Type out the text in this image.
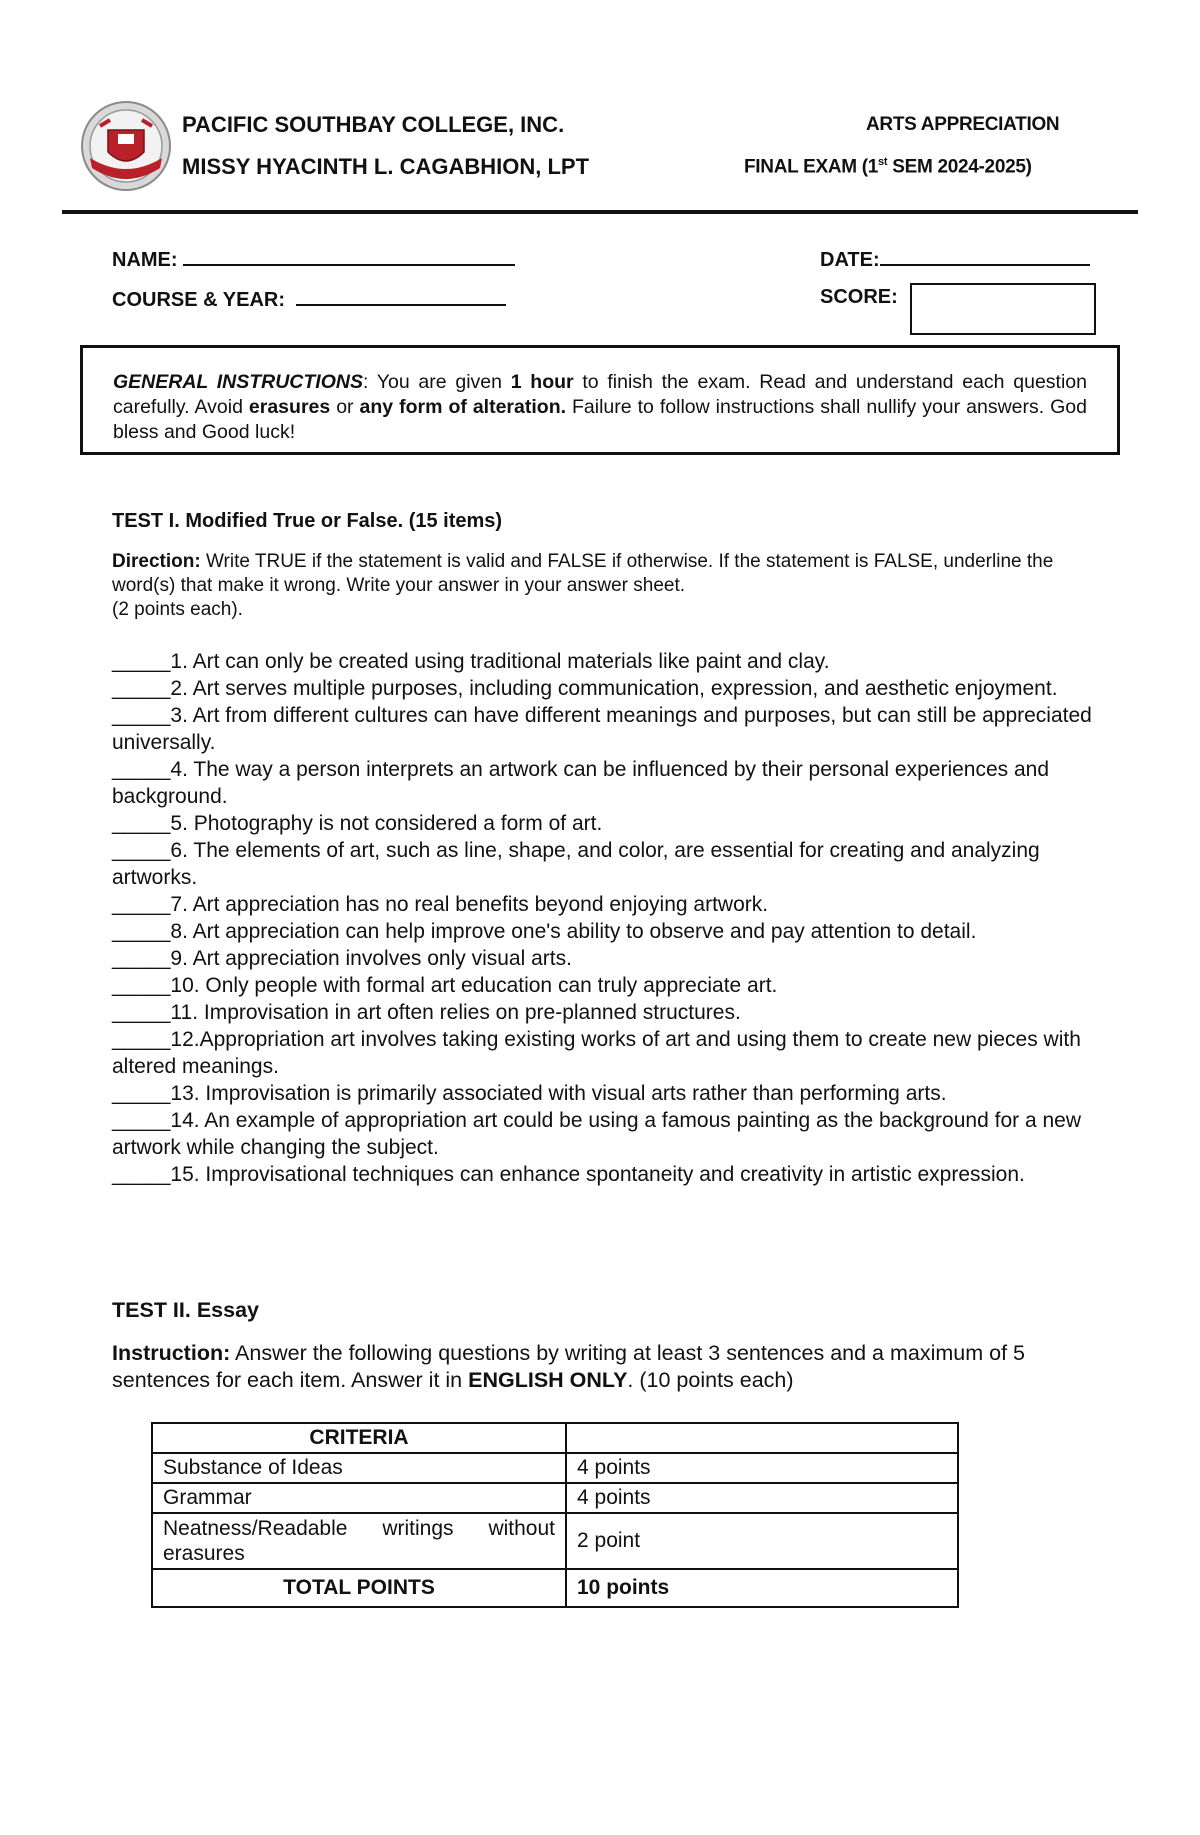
PACIFIC SOUTHBAY COLLEGE, INC.
MISSY HYACINTH L. CAGABHION, LPT
ARTS APPRECIATION
FINAL EXAM (1st SEM 2024-2025)
NAME:	DATE:
COURSE & YEAR:	SCORE:
GENERAL INSTRUCTIONS: You are given 1 hour to finish the exam. Read and understand each question carefully. Avoid erasures or any form of alteration. Failure to follow instructions shall nullify your answers. God bless and Good luck!
TEST I. Modified True or False. (15 items)
Direction: Write TRUE if the statement is valid and FALSE if otherwise. If the statement is FALSE, underline the word(s) that make it wrong. Write your answer in your answer sheet.
(2 points each).
_____1. Art can only be created using traditional materials like paint and clay.
_____2. Art serves multiple purposes, including communication, expression, and aesthetic enjoyment.
_____3. Art from different cultures can have different meanings and purposes, but can still be appreciated universally.
_____4. The way a person interprets an artwork can be influenced by their personal experiences and background.
_____5. Photography is not considered a form of art.
_____6. The elements of art, such as line, shape, and color, are essential for creating and analyzing artworks.
_____7. Art appreciation has no real benefits beyond enjoying artwork.
_____8. Art appreciation can help improve one's ability to observe and pay attention to detail.
_____9. Art appreciation involves only visual arts.
_____10. Only people with formal art education can truly appreciate art.
_____11. Improvisation in art often relies on pre-planned structures.
_____12.Appropriation art involves taking existing works of art and using them to create new pieces with altered meanings.
_____13. Improvisation is primarily associated with visual arts rather than performing arts.
_____14. An example of appropriation art could be using a famous painting as the background for a new artwork while changing the subject.
_____15. Improvisational techniques can enhance spontaneity and creativity in artistic expression.
TEST II. Essay
Instruction: Answer the following questions by writing at least 3 sentences and a maximum of 5 sentences for each item. Answer it in ENGLISH ONLY. (10 points each)
CRITERIA	
Substance of Ideas	4 points
Grammar	4 points
Neatness/Readable writings without erasures	2 point
TOTAL POINTS	10 points
